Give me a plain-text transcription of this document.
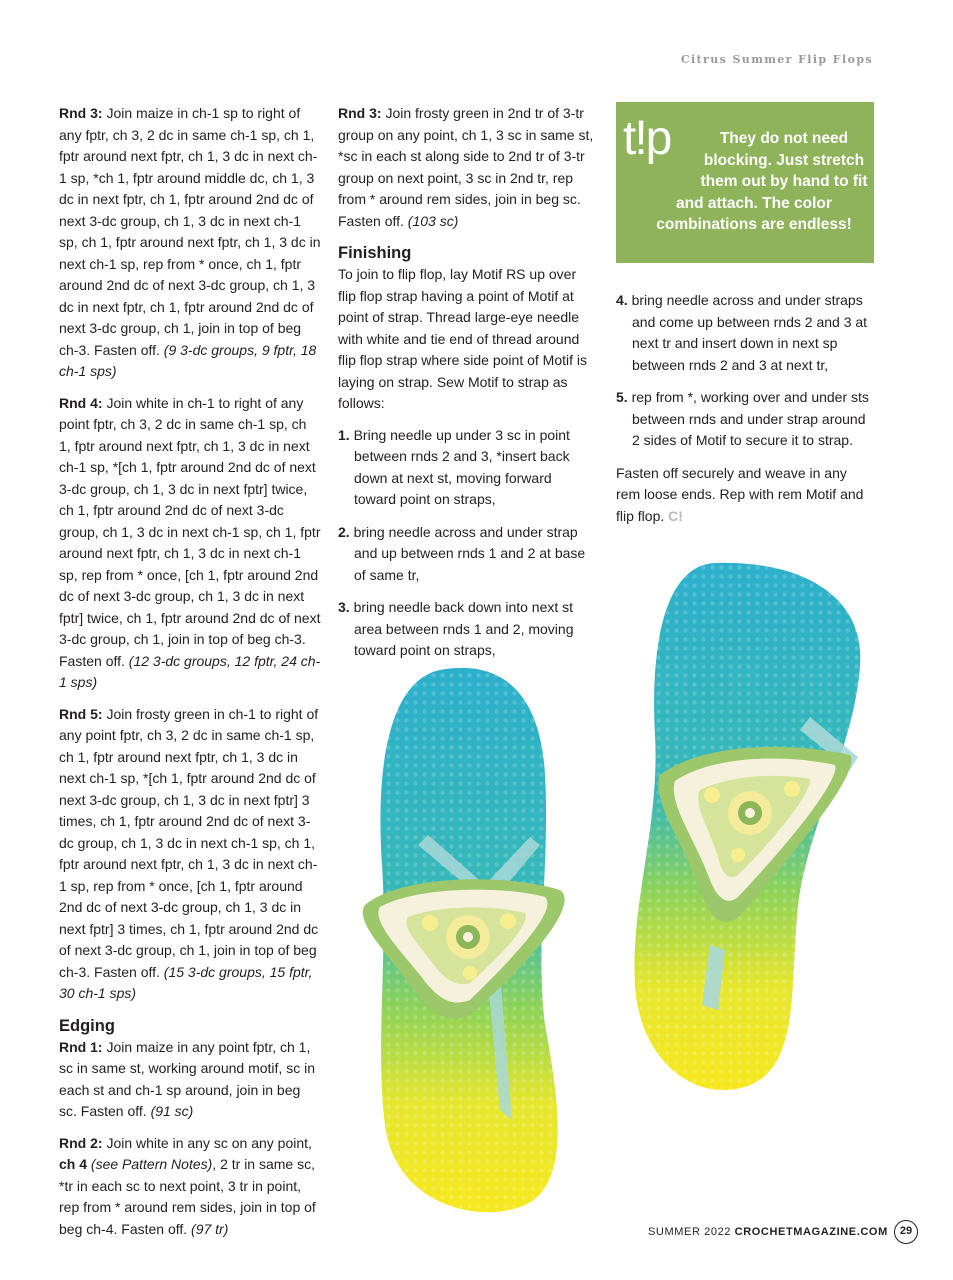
Citrus Summer Flip Flops

Rnd 3: Join maize in ch-1 sp to right of any fptr, ch 3, 2 dc in same ch-1 sp, ch 1, fptr around next fptr, ch 1, 3 dc in next ch-1 sp, *ch 1, fptr around middle dc, ch 1, 3 dc in next fptr, ch 1, fptr around 2nd dc of next 3-dc group, ch 1, 3 dc in next ch-1 sp, ch 1, fptr around next fptr, ch 1, 3 dc in next ch-1 sp, rep from * once, ch 1, fptr around 2nd dc of next 3-dc group, ch 1, 3 dc in next fptr, ch 1, fptr around 2nd dc of next 3-dc group, ch 1, join in top of beg ch-3. Fasten off. (9 3-dc groups, 9 fptr, 18 ch-1 sps)

Rnd 4: Join white in ch-1 to right of any point fptr, ch 3, 2 dc in same ch-1 sp, ch 1, fptr around next fptr, ch 1, 3 dc in next ch-1 sp, *[ch 1, fptr around 2nd dc of next 3-dc group, ch 1, 3 dc in next fptr] twice, ch 1, fptr around 2nd dc of next 3-dc group, ch 1, 3 dc in next ch-1 sp, ch 1, fptr around next fptr, ch 1, 3 dc in next ch-1 sp, rep from * once, [ch 1, fptr around 2nd dc of next 3-dc group, ch 1, 3 dc in next fptr] twice, ch 1, fptr around 2nd dc of next 3-dc group, ch 1, join in top of beg ch-3. Fasten off. (12 3-dc groups, 12 fptr, 24 ch-1 sps)

Rnd 5: Join frosty green in ch-1 to right of any point fptr, ch 3, 2 dc in same ch-1 sp, ch 1, fptr around next fptr, ch 1, 3 dc in next ch-1 sp, *[ch 1, fptr around 2nd dc of next 3-dc group, ch 1, 3 dc in next fptr] 3 times, ch 1, fptr around 2nd dc of next 3-dc group, ch 1, 3 dc in next ch-1 sp, ch 1, fptr around next fptr, ch 1, 3 dc in next ch-1 sp, rep from * once, [ch 1, fptr around 2nd dc of next 3-dc group, ch 1, 3 dc in next fptr] 3 times, ch 1, fptr around 2nd dc of next 3-dc group, ch 1, join in top of beg ch-3. Fasten off. (15 3-dc groups, 15 fptr, 30 ch-1 sps)

Edging

Rnd 1: Join maize in any point fptr, ch 1, sc in same st, working around motif, sc in each st and ch-1 sp around, join in beg sc. Fasten off. (91 sc)

Rnd 2: Join white in any sc on any point, ch 4 (see Pattern Notes), 2 tr in same sc, *tr in each sc to next point, 3 tr in point, rep from * around rem sides, join in top of beg ch-4. Fasten off. (97 tr)

Rnd 3: Join frosty green in 2nd tr of 3-tr group on any point, ch 1, 3 sc in same st, *sc in each st along side to 2nd tr of 3-tr group on next point, 3 sc in 2nd tr, rep from * around rem sides, join in beg sc. Fasten off. (103 sc)

Finishing

To join to flip flop, lay Motif RS up over flip flop strap having a point of Motif at point of strap. Thread large-eye needle with white and tie end of thread around flip flop strap where side point of Motif is laying on strap. Sew Motif to strap as follows:

1. Bring needle up under 3 sc in point between rnds 2 and 3, *insert back down at next st, moving forward toward point on straps,

2. bring needle across and under strap and up between rnds 1 and 2 at base of same tr,

3. bring needle back down into next st area between rnds 1 and 2, moving toward point on straps,

t!p	They do not need blocking. Just stretch them out by hand to fit and attach. The color combinations are endless!

4. bring needle across and under straps and come up between rnds 2 and 3 at next tr and insert down in next sp between rnds 2 and 3 at next tr,

5. rep from *, working over and under sts between rnds and under strap around 2 sides of Motif to secure it to strap.

Fasten off securely and weave in any rem loose ends. Rep with rem Motif and flip flop. C!

SUMMER 2022 CROCHETMAGAZINE.COM	29
